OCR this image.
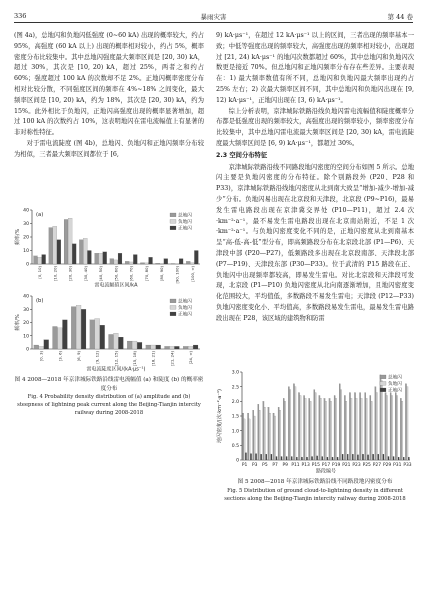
336	暴雨灾害	第 44 卷

(图 4a)，总地闪和负地闪低强度 (0~60 kA) 出现的概率较大，约占 95%，高强度 (60 kA 以上) 出现的概率相对较小，约占 5%，概率密度分布比较集中。其中总地闪强度最大频率区间是 [20, 30) kA，超过 30%，其次是 [10, 20) kA，超过 25%，两者之和约占 60%；强度超过 100 kA 的次数却不足 2%。正地闪概率密度分布相对比较分散，不同强度区间的频率在 4%~18% 之间变化，最大频率区间是 [10, 20) kA，约为 18%，其次是 [20, 30) kA，约为 15%。此外相比于负地闪，正地闪高强度出现的概率显著增加，超过 100 kA 的次数约占 10%，这表明地闪在雷电流幅值上有显著的非对称性特征。

对于雷电流陡度 (图 4b)，总地闪、负地闪和正地闪频率分布较为相似，三者最大频率区间都位于 [6,

0
10
20
30
40
[0, 10)	[10, 20)	[20, 30)	[30, 40)	[40, 50)	[50, 60)	[60, 70)	[70, 80)	[80, 90)	[90, 100)	[100, ∞)
雷电流幅值区间/kA
频率/%
(a)	总地闪
负地闪
正地闪
0
10
20
30
40
[0, 3)	[3, 6)	[6, 9)	[9, 12)	[12, 15)	[15, 18)	[18, 21)	[21, 24)	[24, ∞)
雷电流陡度区间/(kA·μs⁻¹)
频率/%
(b)	总地闪
负地闪
正地闪
图 4 2008—2018 年京津城际铁路沿线雷电流幅值 (a) 和陡度 (b) 的概率密度分布
Fig. 4 Probability density distribution of (a) amplitude and (b) steepness of lightning peak current along the Beijing-Tianjin intercity railway during 2008-2018

9) kA·μs⁻¹，在超过 12 kA·μs⁻¹ 以上的区间，三者出现的频率基本一致；中低等强度出现的频率较大，高强度出现的频率相对较小，出现超过 [21, 24) kA·μs⁻¹ 的地闪次数都超过 60%，其中总地闪和负地闪次数更是接近 70%。但总地闪和正地闪频率分布存在些差异。主要表现在：1) 最大频率数值有所不同，总地闪和负地闪最大频率出现约占 25% 左右；2) 次最大频率区间不同，其中总地闪和负地闪出现在 [9, 12) kA·μs⁻¹，正地闪出现在 [3, 6) kA·μs⁻¹。

综上分析表明，京津城际铁路沿线负地闪雷电流幅值和陡度概率分布都是低强度出现的频率较大，高强度出现的频率较小，频率密度分布比较集中，其中总地闪雷电流最大频率区间是 [20, 30) kA，雷电流陡度最大频率区间是 [6, 9) kA·μs⁻¹，都超过 30%。

2.3 空间分布特征

京津城际铁路沿线不同路段地闪密度的空间分布如图 5 所示。总地闪主要是负地闪密度的分布特征。除个别路段外 (P20、P28 和 P33)，京津城际铁路沿线地闪密度从北到南大致呈“增加-减少-增加-减少”分布。负地闪易出现在北京段和天津段，北京段 (P9~P16)，最易发生雷电路段出现在京津冀交界处 (P10—P11)，超过 2.4 次·km⁻²·a⁻¹，最不易发生雷电路段出现在北京南站附近，不足 1 次·km⁻²·a⁻¹。与负地闪密度变化不同的是，正地闪密度从北到南基本呈“高-低-高-低”型分布，即高频路段分布在北京段北部 (P1—P6)、天津段中部 (P20—P27)，低频路段多出现在北京段南部、天津段北部 (P7—P19)、天津段东部 (P30—P33)。位于武清的 P15 路段在正、负地闪中出现频率都较高，即易发生雷电。对比北京段和天津段可发现，北京段 (P1—P10) 负地闪密度从北向南逐渐增加，且地闪密度变化范围较大，平均值低，多数路段不易发生雷电；天津段 (P12—P33) 负地闪密度变化小、平均值高，多数路段易发生雷电，最易发生雷电路段出现在 P28，该区域的建筑物和防雷

0
0.5
1.0
1.5
2.0
2.5
3.0
P1 P3 P5 P7 P9 P11 P13 P15 P17 P19 P21 P23 P25 P27 P29 P31 P33
路段编号
地闪密度/(次·km⁻²·a⁻¹)
总地闪
负地闪
正地闪
图 5 2008—2018 年京津城际铁路沿线不同路段地闪密度分布
Fig. 5 Distribution of ground cloud-to-lightning density in different sections along the Beijing-Tianjin intercity railway during 2008-2018
